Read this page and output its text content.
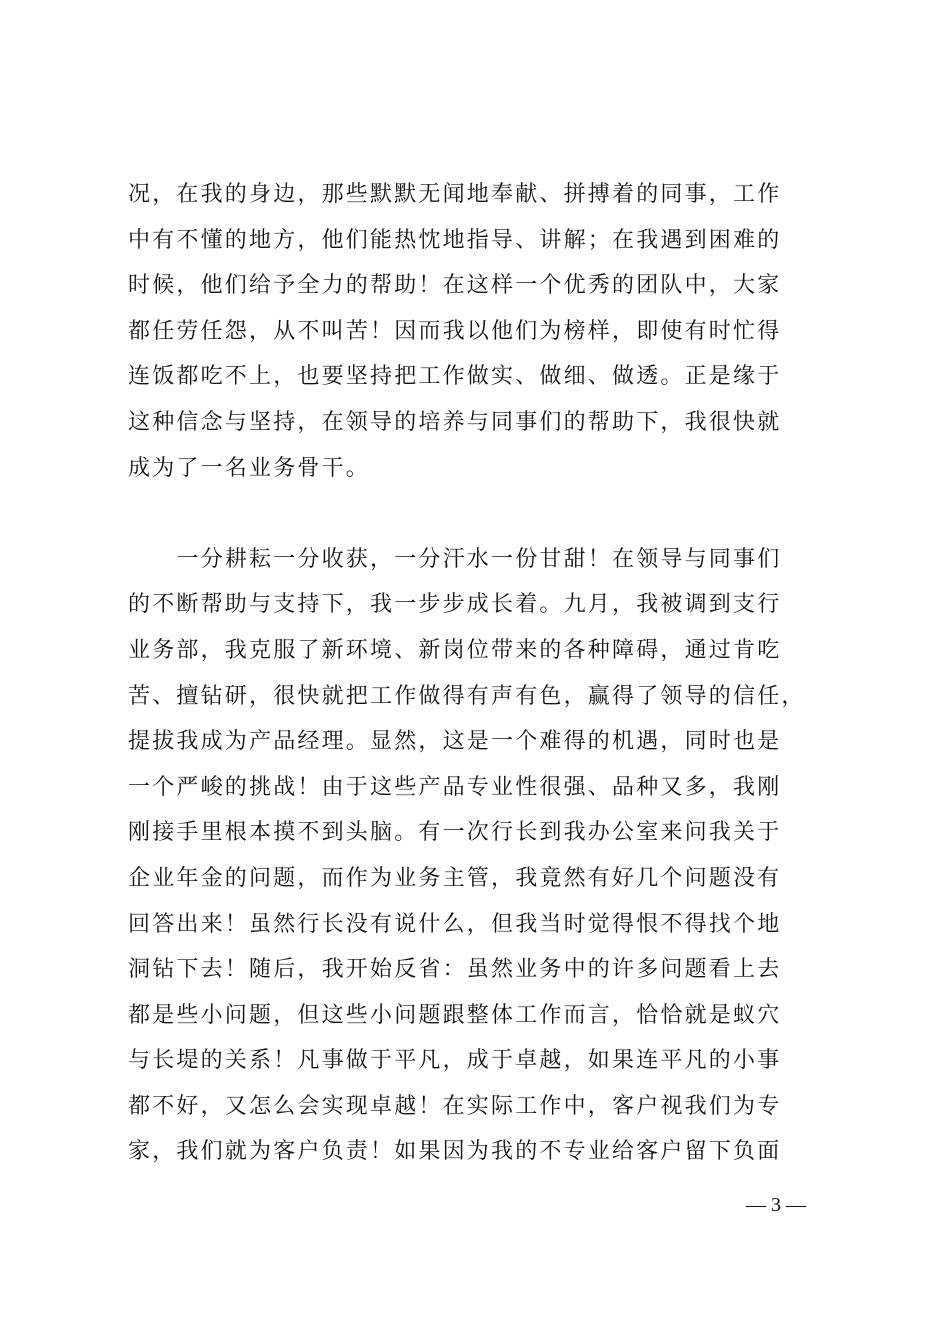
况，在我的身边，那些默默无闻地奉献、拼搏着的同事，工作
中有不懂的地方，他们能热忱地指导、讲解；在我遇到困难的
时候，他们给予全力的帮助！在这样一个优秀的团队中，大家
都任劳任怨，从不叫苦！因而我以他们为榜样，即使有时忙得
连饭都吃不上，也要坚持把工作做实、做细、做透。正是缘于
这种信念与坚持，在领导的培养与同事们的帮助下，我很快就
成为了一名业务骨干。
　　一分耕耘一分收获，一分汗水一份甘甜！在领导与同事们
的不断帮助与支持下，我一步步成长着。九月，我被调到支行
业务部，我克服了新环境、新岗位带来的各种障碍，通过肯吃
苦、擅钻研，很快就把工作做得有声有色，赢得了领导的信任，
提拔我成为产品经理。显然，这是一个难得的机遇，同时也是
一个严峻的挑战！由于这些产品专业性很强、品种又多，我刚
刚接手里根本摸不到头脑。有一次行长到我办公室来问我关于
企业年金的问题，而作为业务主管，我竟然有好几个问题没有
回答出来！虽然行长没有说什么，但我当时觉得恨不得找个地
洞钻下去！随后，我开始反省：虽然业务中的许多问题看上去
都是些小问题，但这些小问题跟整体工作而言，恰恰就是蚁穴
与长堤的关系！凡事做于平凡，成于卓越，如果连平凡的小事
都不好，又怎么会实现卓越！在实际工作中，客户视我们为专
家，我们就为客户负责！如果因为我的不专业给客户留下负面
— 3 —
